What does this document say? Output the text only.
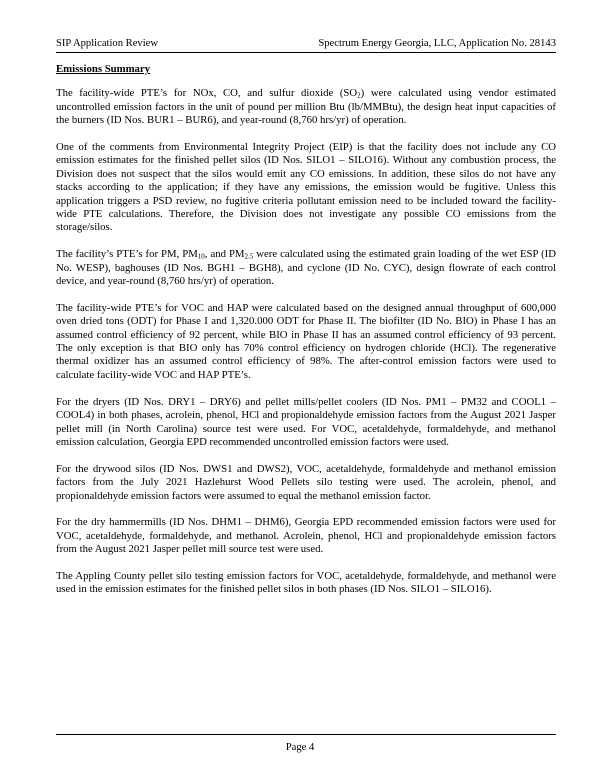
SIP Application Review	Spectrum Energy Georgia, LLC, Application No. 28143

Emissions Summary

The facility-wide PTE’s for NOx, CO, and sulfur dioxide $(SO_2)$ were calculated using vendor estimated uncontrolled emission factors in the unit of pound per million Btu (lb/MMBtu), the design heat input capacities of the burners (ID Nos. BUR1 – BUR6), and year-round (8,760 hrs/yr) of operation.

One of the comments from Environmental Integrity Project (EIP) is that the facility does not include any CO emission estimates for the finished pellet silos (ID Nos. SILO1 – SILO16). Without any combustion process, the Division does not suspect that the silos would emit any CO emissions. In addition, these silos do not have any stacks according to the application; if they have any emissions, the emission would be fugitive. Unless this application triggers a PSD review, no fugitive criteria pollutant emission need to be included toward the facility-wide PTE calculations. Therefore, the Division does not investigate any possible CO emissions from the storage/silos.

The facility’s PTE’s for PM, $PM_{10}$, and $PM_{2.5}$ were calculated using the estimated grain loading of the wet ESP (ID No. WESP), baghouses (ID Nos. BGH1 – BGH8), and cyclone (ID No. CYC), design flowrate of each control device, and year-round (8,760 hrs/yr) of operation.

The facility-wide PTE’s for VOC and HAP were calculated based on the designed annual throughput of 600,000 oven dried tons (ODT) for Phase I and 1,320.000 ODT for Phase II. The biofilter (ID No. BIO) in Phase I has an assumed control efficiency of 92 percent, while BIO in Phase II has an assumed control efficiency of 93 percent. The only exception is that BIO only has 70% control efficiency on hydrogen chloride (HCl). The regenerative thermal oxidizer has an assumed control efficiency of 98%. The after-control emission factors were used to calculate facility-wide VOC and HAP PTE’s.

For the dryers (ID Nos. DRY1 – DRY6) and pellet mills/pellet coolers (ID Nos. PM1 – PM32 and COOL1 – COOL4) in both phases, acrolein, phenol, HCl and propionaldehyde emission factors from the August 2021 Jasper pellet mill (in North Carolina) source test were used. For VOC, acetaldehyde, formaldehyde, and methanol emission calculation, Georgia EPD recommended uncontrolled emission factors were used.

For the drywood silos (ID Nos. DWS1 and DWS2), VOC, acetaldehyde, formaldehyde and methanol emission factors from the July 2021 Hazlehurst Wood Pellets silo testing were used. The acrolein, phenol, and propionaldehyde emission factors were assumed to equal the methanol emission factor.

For the dry hammermills (ID Nos. DHM1 – DHM6), Georgia EPD recommended emission factors were used for VOC, acetaldehyde, formaldehyde, and methanol. Acrolein, phenol, HCl and propionaldehyde emission factors from the August 2021 Jasper pellet mill source test were used.

The Appling County pellet silo testing emission factors for VOC, acetaldehyde, formaldehyde, and methanol were used in the emission estimates for the finished pellet silos in both phases (ID Nos. SILO1 – SILO16).

Page 4
